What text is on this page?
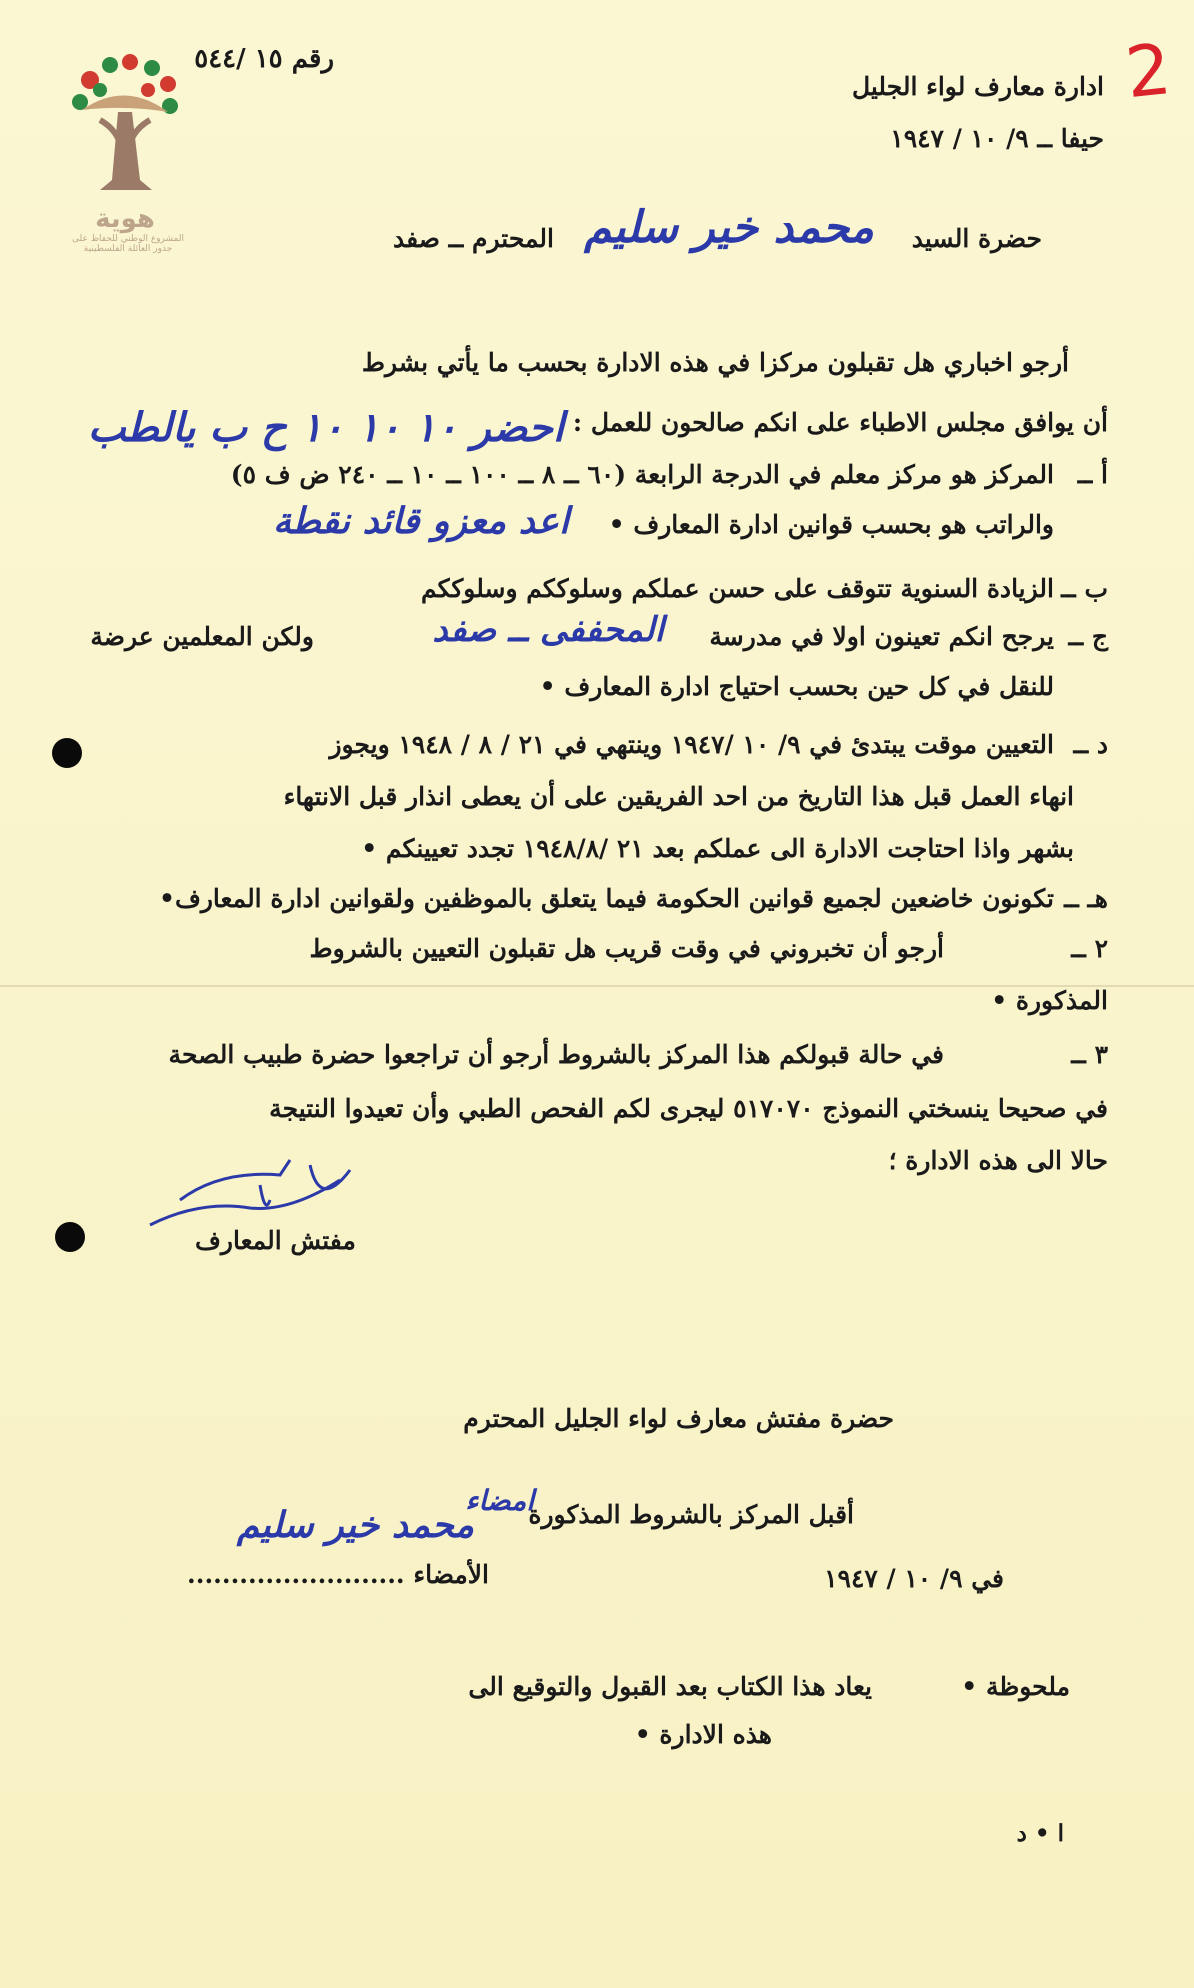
2
هوية
المشروع الوطني للحفاظ على
جذور العائلة الفلسطينية
رقم ١٥ /٥٤٤
ادارة معارف لواء الجليل
حيفا ــ ٩/ ١٠ / ١٩٤٧
حضرة السيد
محمد خير سليم
المحترم ــ صفد
أرجو اخباري هل تقبلون مركزا في هذه الادارة بحسب ما يأتي بشرط
أن يوافق مجلس الاطباء على انكم صالحون للعمل :
احضر ١٠ ١٠ ١٠ ح ب يالطب
أ ــ
المركز هو مركز معلم في الدرجة الرابعة (٦٠ ــ ٨ ــ ١٠٠ ــ ١٠ ــ ٢٤٠ ض ف ٥)
والراتب هو بحسب قوانين ادارة المعارف •
اعد معزو قائد نقطة
ب ــ
الزيادة السنوية تتوقف على حسن عملكم وسلوككم وسلوككم
ج ــ
يرجح انكم تعينون اولا في مدرسة
المحففى ــ صفد
ولكن المعلمين عرضة
للنقل في كل حين بحسب احتياج ادارة المعارف •
د ــ
التعيين موقت يبتدئ في ٩/ ١٠ /١٩٤٧ وينتهي في ٢١ / ٨ / ١٩٤٨ ويجوز
انهاء العمل قبل هذا التاريخ من احد الفريقين على أن يعطى انذار قبل الانتهاء
بشهر واذا احتاجت الادارة الى عملكم بعد ٢١ /١٩٤٨/٨ تجدد تعيينكم •
هـ ــ
تكونون خاضعين لجميع قوانين الحكومة فيما يتعلق بالموظفين ولقوانين ادارة المعارف•
٢ ــ
أرجو أن تخبروني في وقت قريب هل تقبلون التعيين بالشروط
المذكورة •
٣ ــ
في حالة قبولكم هذا المركز بالشروط أرجو أن تراجعوا حضرة طبيب الصحة
في صحيحا ينسختي النموذج ٥١٧٠٧٠ ليجرى لكم الفحص الطبي وأن تعيدوا النتيجة
حالا الى هذه الادارة ؛
مفتش المعارف
حضرة مفتش معارف لواء الجليل المحترم
أقبل المركز بالشروط المذكورة
امضاء
الأمضاء .........................
محمد خير سليم
في ٩/ ١٠ / ١٩٤٧
ملحوظة •
يعاد هذا الكتاب بعد القبول والتوقيع الى
هذه الادارة •
ا • د
